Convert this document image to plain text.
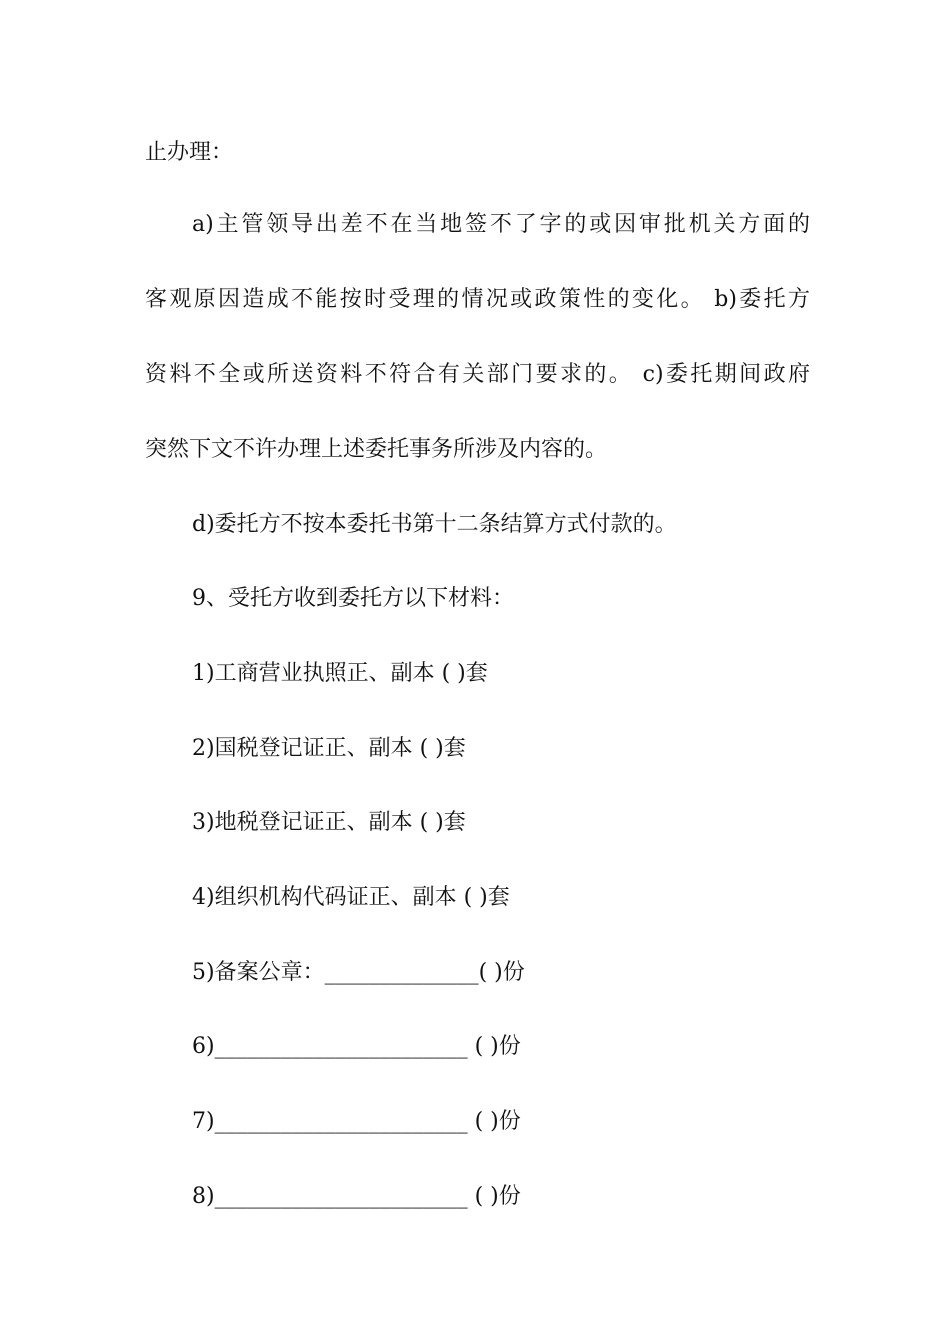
止办理：
a)主管领导出差不在当地签不了字的或因审批机关方面的
客观原因造成不能按时受理的情况或政策性的变化。 b)委托方
资料不全或所送资料不符合有关部门要求的。 c)委托期间政府
突然下文不许办理上述委托事务所涉及内容的。
d)委托方不按本委托书第十二条结算方式付款的。
9、受托方收到委托方以下材料：
1)工商营业执照正、副本 ( )套
2)国税登记证正、副本 ( )套
3)地税登记证正、副本 ( )套
4)组织机构代码证正、副本 ( )套
5)备案公章：______________( )份
6)_______________________ ( )份
7)_______________________ ( )份
8)_______________________ ( )份
